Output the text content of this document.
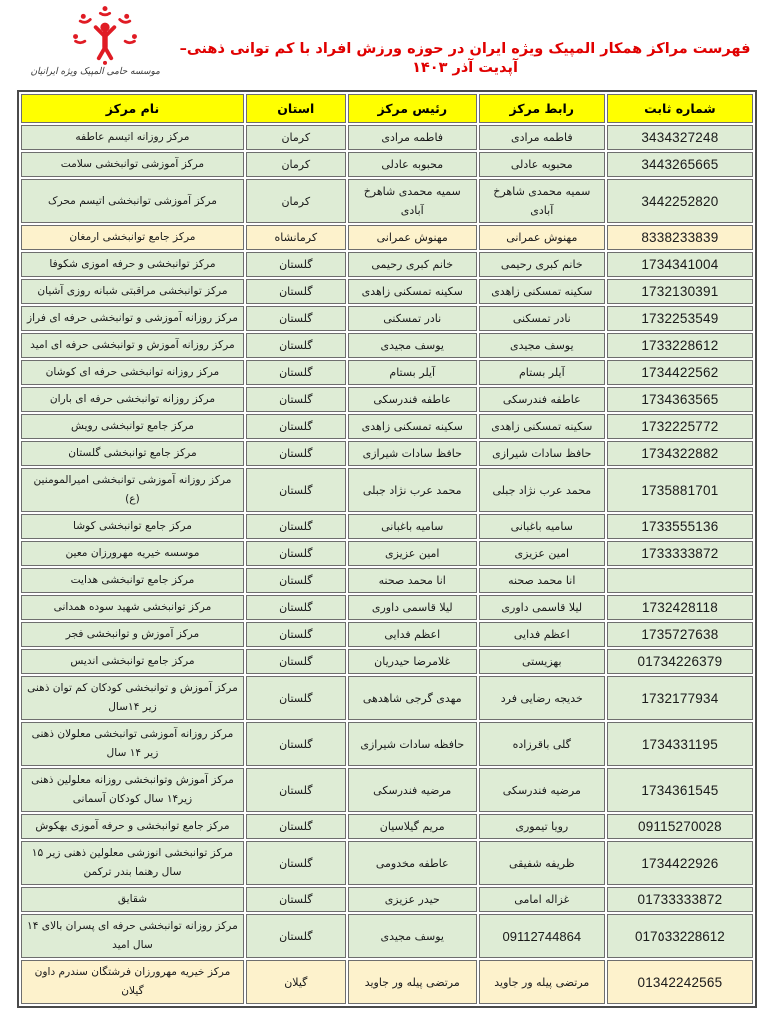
موسسه حامی المپیک ویژه ایرانیان
فهرست مراکز همکار المپیک ویژه ایران در حوزه ورزش افراد با کم توانی ذهنی– آپدیت آذر ۱۴۰۳
شماره ثابت	رابط مرکز	رئیس مرکز	استان	نام مرکز
3434327248	فاطمه مرادی	فاطمه مرادی	کرمان	مرکز روزانه اتیسم عاطفه
3443265665	محبوبه عادلی	محبوبه عادلی	کرمان	مرکز آموزشی توانبخشی سلامت
3442252820	سمیه محمدی شاهرخ آبادی	سمیه محمدی شاهرخ آبادی	کرمان	مرکز آموزشی توانبخشی اتیسم محرک
8338233839	مهنوش عمرانی	مهنوش عمرانی	کرمانشاه	مرکز جامع توانبخشی ارمغان
1734341004	خانم کبری رحیمی	خانم کبری رحیمی	گلستان	مرکز توانبخشی و حرفه اموزی شکوفا
1732130391	سکینه تمسکنی زاهدی	سکینه تمسکنی زاهدی	گلستان	مرکز توانبخشی مراقبتی شبانه روزی آشیان
1732253549	نادر تمسکنی	نادر تمسکنی	گلستان	مرکز روزانه آموزشی و توانبخشی حرفه ای فراز
1733228612	یوسف مجیدی	یوسف مجیدی	گلستان	مرکز روزانه آموزش و توانبخشی حرفه ای امید
1734422562	آیلر بستام	آیلر بستام	گلستان	مرکز روزانه توانبخشی حرفه ای کوشان
1734363565	عاطفه فندرسکی	عاطفه فندرسکی	گلستان	مرکز روزانه توانبخشی حرفه ای باران
1732225772	سکینه تمسکنی زاهدی	سکینه تمسکنی زاهدی	گلستان	مرکز جامع توانبخشی رویش
1734322882	حافظ سادات شیرازی	حافظ سادات شیرازی	گلستان	مرکز جامع توانبخشی گلستان
1735881701	محمد عرب نژاد جبلی	محمد عرب نژاد جبلی	گلستان	مرکز روزانه آموزشی توانبخشی امیرالمومنین (ع)
1733555136	سامیه باغبانی	سامیه باغبانی	گلستان	مرکز جامع توانبخشی کوشا
1733333872	امین عزیزی	امین عزیزی	گلستان	موسسه خیریه مهرورزان معین
	انا محمد صحنه	انا محمد صحنه	گلستان	مرکز جامع توانبخشی هدایت
1732428118	لیلا قاسمی داوری	لیلا قاسمی داوری	گلستان	مرکز توانبخشی شهید سوده همدانی
1735727638	اعظم فدایی	اعظم فدایی	گلستان	مرکز آموزش و توانبخشی فجر
01734226379	بهزیستی	غلامرضا حیدریان	گلستان	مرکز جامع توانبخشی اندیس
1732177934	خدیجه رضایی فرد	مهدی گرجی شاهدهی	گلستان	مرکز آموزش و توانبخشی کودکان کم توان ذهنی زیر ۱۴سال
1734331195	گلی باقرزاده	حافظه سادات شیرازی	گلستان	مرکز روزانه آموزشی توانبخشی معلولان ذهنی زیر ۱۴ سال
1734361545	مرضیه فندرسکی	مرضیه فندرسکی	گلستان	مرکز آموزش وتوانبخشی روزانه معلولین ذهنی زیر۱۴ سال کودکان آسمانی
09115270028	رویا تیموری	مریم گیلاسیان	گلستان	مرکز جامع توانبخشی و حرفه آموزی بهکوش
1734422926	ظریفه شفیقی	عاطفه مخدومی	گلستان	مرکز توانبخشی انوزشی معلولین ذهنی زیر ۱۵ سال رهنما بندر ترکمن
01733333872	غزاله امامی	حیدر عزیزی	گلستان	شقایق
017٥33228612	09112744864	یوسف مجیدی	گلستان	مرکز روزانه توانبخشی حرفه ای پسران بالای ۱۴ سال امید
01342242565	مرتضی پیله ور جاوید	مرتضی پیله ور جاوید	گیلان	مرکز خیریه مهرورزان فرشتگان سندرم داون گیلان
